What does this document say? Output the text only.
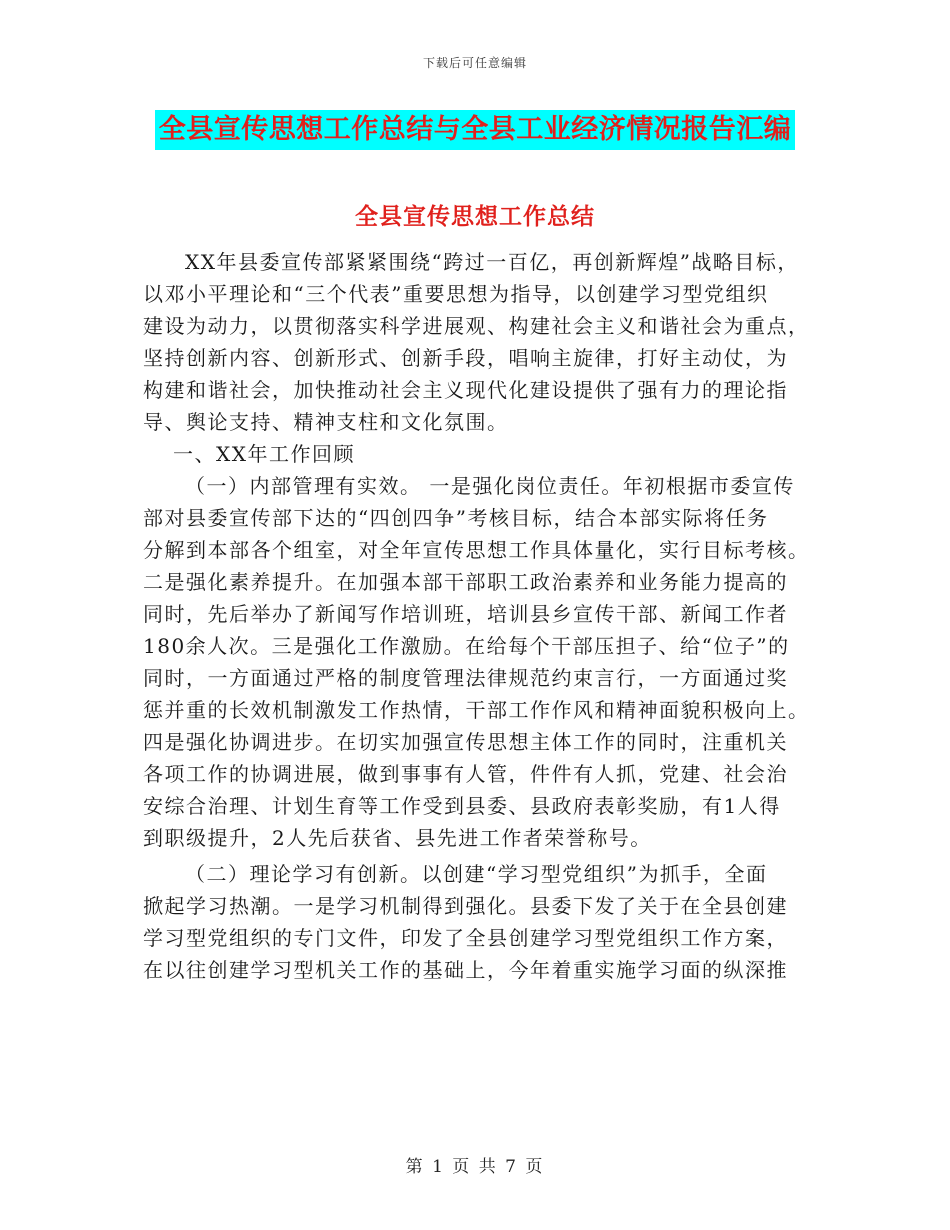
下载后可任意编辑
全县宣传思想工作总结与全县工业经济情况报告汇编
全县宣传思想工作总结
XX年县委宣传部紧紧围绕“跨过一百亿，再创新辉煌”战略目标，
以邓小平理论和“三个代表”重要思想为指导，以创建学习型党组织
建设为动力，以贯彻落实科学进展观、构建社会主义和谐社会为重点，
坚持创新内容、创新形式、创新手段，唱响主旋律，打好主动仗，为
构建和谐社会，加快推动社会主义现代化建设提供了强有力的理论指
导、舆论支持、精神支柱和文化氛围。
一、XX年工作回顾
（一）内部管理有实效。 一是强化岗位责任。年初根据市委宣传
部对县委宣传部下达的“四创四争”考核目标，结合本部实际将任务
分解到本部各个组室，对全年宣传思想工作具体量化，实行目标考核。
二是强化素养提升。在加强本部干部职工政治素养和业务能力提高的
同时，先后举办了新闻写作培训班，培训县乡宣传干部、新闻工作者
180余人次。三是强化工作激励。在给每个干部压担子、给“位子”的
同时，一方面通过严格的制度管理法律规范约束言行，一方面通过奖
惩并重的长效机制激发工作热情，干部工作作风和精神面貌积极向上。
四是强化协调进步。在切实加强宣传思想主体工作的同时，注重机关
各项工作的协调进展，做到事事有人管，件件有人抓，党建、社会治
安综合治理、计划生育等工作受到县委、县政府表彰奖励，有1人得
到职级提升，2人先后获省、县先进工作者荣誉称号。
（二）理论学习有创新。以创建“学习型党组织”为抓手，全面
掀起学习热潮。一是学习机制得到强化。县委下发了关于在全县创建
学习型党组织的专门文件，印发了全县创建学习型党组织工作方案，
在以往创建学习型机关工作的基础上，今年着重实施学习面的纵深推
第 1 页 共 7 页
